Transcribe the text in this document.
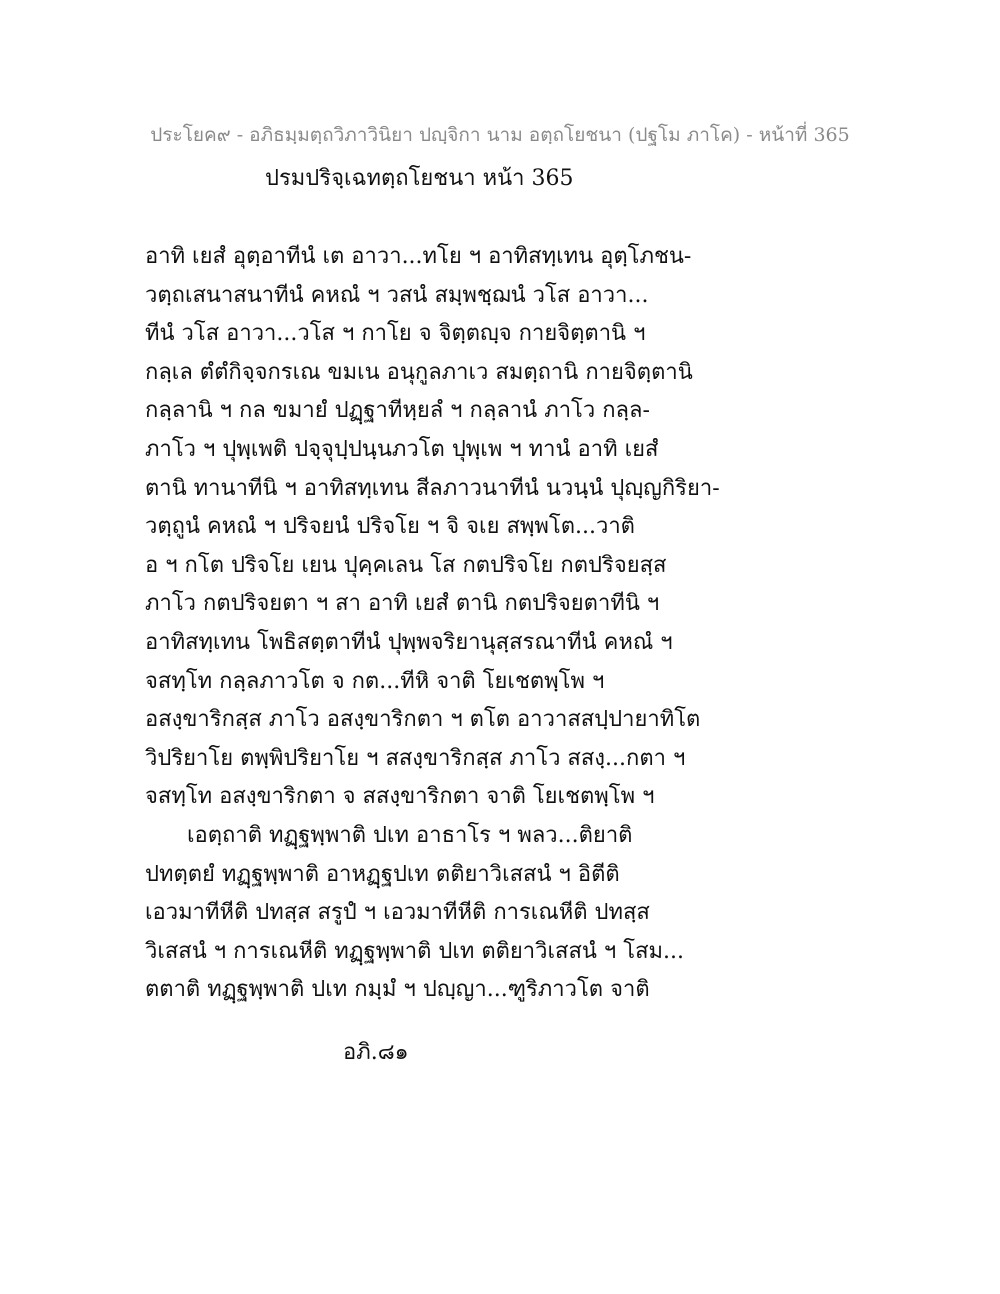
ประโยค๙ - อภิธมฺมตฺถวิภาวินิยา ปญฺจิกา นาม อตฺถโยชนา (ปฐโม ภาโค) - หน้าที่ 365
ปรมปริจฺเฉทตฺถโยชนา หน้า 365
อาทิ เยสํ อุตฺอาทีนํ เต อาวา...ทโย ฯ อาทิสทฺเทน อุตฺโภชน-
วตฺถเสนาสนาทีนํ คหณํ ฯ วสนํ สมฺพชฺฌนํ วโส อาวา...
ทีนํ วโส อาวา...วโส ฯ กาโย จ จิตฺตญฺจ กายจิตฺตานิ ฯ
กลฺเล ตํตํกิจฺจกรเณ ขมเน อนุกูลภาเว สมตฺถานิ กายจิตฺตานิ
กลฺลานิ ฯ กล ขมายํ ปฏฺฐาทีหฺยลํ ฯ กลฺลานํ ภาโว กลฺล-
ภาโว ฯ ปุพฺเพติ ปจฺจุปฺปนฺนภวโต ปุพฺเพ ฯ ทานํ อาทิ เยสํ
ตานิ ทานาทีนิ ฯ อาทิสทฺเทน สีลภาวนาทีนํ นวนฺนํ ปุญฺญกิริยา-
วตฺถูนํ คหณํ ฯ ปริจยนํ ปริจโย ฯ จิ จเย สพฺพโต...วาติ
อ ฯ กโต ปริจโย เยน ปุคฺคเลน โส กตปริจโย กตปริจยสฺส
ภาโว กตปริจยตา ฯ สา อาทิ เยสํ ตานิ กตปริจยตาทีนิ ฯ
อาทิสทฺเทน โพธิสตฺตาทีนํ ปุพฺพจริยานุสฺสรณาทีนํ คหณํ ฯ
จสทฺโท กลฺลภาวโต จ กต...ทีหิ จาติ โยเชตพฺโพ ฯ
อสงฺขาริกสฺส ภาโว อสงฺขาริกตา ฯ ตโต อาวาสสปฺปายาทิโต
วิปริยาโย ตพฺพิปริยาโย ฯ สสงฺขาริกสฺส ภาโว สสงฺ...กตา ฯ
จสทฺโท อสงฺขาริกตา จ สสงฺขาริกตา จาติ โยเชตพฺโพ ฯ
เอตฺถาติ ทฏฺฐพฺพาติ ปเท อาธาโร ฯ พลว...ติยาติ
ปทตฺตยํ ทฏฺฐพฺพาติ อาหฏฺฐปเท ตติยาวิเสสนํ ฯ อิตีติ
เอวมาทีหีติ ปทสฺส สรูปํ ฯ เอวมาทีหีติ การเณหีติ ปทสฺส
วิเสสนํ ฯ การเณหีติ ทฏฺฐพฺพาติ ปเท ตติยาวิเสสนํ ฯ โสม...
ตตาติ ทฏฺฐพฺพาติ ปเท กมฺมํ ฯ ปญฺญา...ฑูริภาวโต จาติ
อภิ.๘๑
